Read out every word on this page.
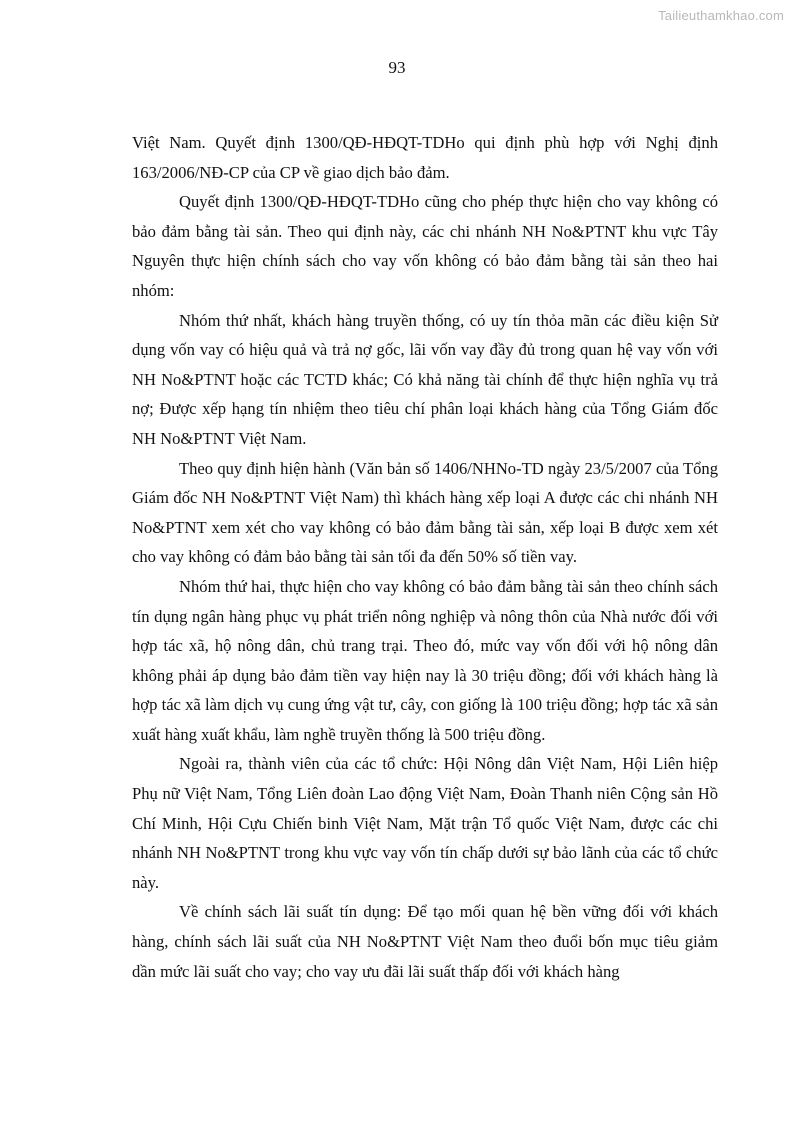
Tailieuthamkhao.com
93

Việt Nam. Quyết định 1300/QĐ-HĐQT-TDHo qui định phù hợp với Nghị định 163/2006/NĐ-CP của CP về giao dịch bảo đảm.

Quyết định 1300/QĐ-HĐQT-TDHo cũng cho phép thực hiện cho vay không có bảo đảm bằng tài sản. Theo qui định này, các chi nhánh NH No&PTNT khu vực Tây Nguyên thực hiện chính sách cho vay vốn không có bảo đảm bằng tài sản theo hai nhóm:

Nhóm thứ nhất, khách hàng truyền thống, có uy tín thỏa mãn các điều kiện Sử dụng vốn vay có hiệu quả và trả nợ gốc, lãi vốn vay đầy đủ trong quan hệ vay vốn với NH No&PTNT hoặc các TCTD khác; Có khả năng tài chính để thực hiện nghĩa vụ trả nợ; Được xếp hạng tín nhiệm theo tiêu chí phân loại khách hàng của Tổng Giám đốc NH No&PTNT Việt Nam.

Theo quy định hiện hành (Văn bản số 1406/NHNo-TD ngày 23/5/2007 của Tổng Giám đốc NH No&PTNT Việt Nam) thì khách hàng xếp loại A được các chi nhánh NH No&PTNT xem xét cho vay không có bảo đảm bằng tài sản, xếp loại B được xem xét cho vay không có đảm bảo bằng tài sản tối đa đến 50% số tiền vay.

Nhóm thứ hai, thực hiện cho vay không có bảo đảm bằng tài sản theo chính sách tín dụng ngân hàng phục vụ phát triển nông nghiệp và nông thôn của Nhà nước đối với hợp tác xã, hộ nông dân, chủ trang trại. Theo đó, mức vay vốn đối với hộ nông dân không phải áp dụng bảo đảm tiền vay hiện nay là 30 triệu đồng; đối với khách hàng là hợp tác xã làm dịch vụ cung ứng vật tư, cây, con giống là 100 triệu đồng; hợp tác xã sản xuất hàng xuất khẩu, làm nghề truyền thống là 500 triệu đồng.

Ngoài ra, thành viên của các tổ chức: Hội Nông dân Việt Nam, Hội Liên hiệp Phụ nữ Việt Nam, Tổng Liên đoàn Lao động Việt Nam, Đoàn Thanh niên Cộng sản Hồ Chí Minh, Hội Cựu Chiến binh Việt Nam, Mặt trận Tổ quốc Việt Nam, được các chi nhánh NH No&PTNT trong khu vực vay vốn tín chấp dưới sự bảo lãnh của các tổ chức này.

Về chính sách lãi suất tín dụng: Để tạo mối quan hệ bền vững đối với khách hàng, chính sách lãi suất của NH No&PTNT Việt Nam theo đuổi bốn mục tiêu giảm dần mức lãi suất cho vay; cho vay ưu đãi lãi suất thấp đối với khách hàng
